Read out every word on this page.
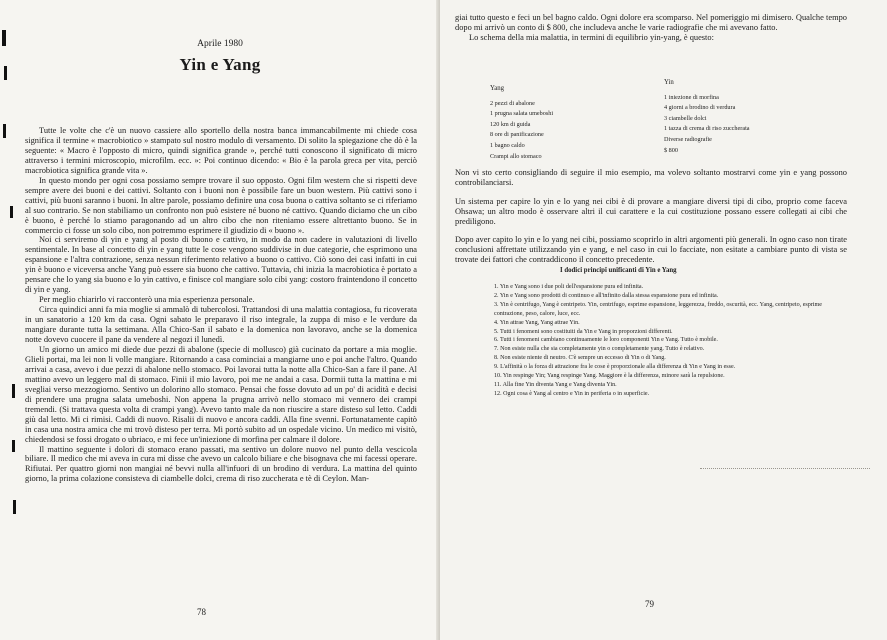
Aprile 1980
Yin e Yang

Tutte le volte che c'è un nuovo cassiere allo sportello della nostra banca immancabilmente mi chiede cosa significa il termine « macrobiotico » stampato sul nostro modulo di versamento. Di solito la spiegazione che dò è la seguente: « Macro è l'opposto di micro, quindi significa grande », perché tutti conoscono il significato di micro attraverso i termini microscopio, microfilm. ecc. »: Poi continuo dicendo: « Bio è la parola greca per vita, perciò macrobiotica significa grande vita ».

In questo mondo per ogni cosa possiamo sempre trovare il suo opposto. Ogni film western che si rispetti deve sempre avere dei buoni e dei cattivi. Soltanto con i buoni non è possibile fare un buon western. Più cattivi sono i cattivi, più buoni saranno i buoni. In altre parole, possiamo definire una cosa buona o cattiva soltanto se ci riferiamo al suo contrario. Se non stabiliamo un confronto non può esistere né buono né cattivo. Quando diciamo che un cibo è buono, è perché lo stiamo paragonando ad un altro cibo che non riteniamo essere altrettanto buono. Se in commercio ci fosse un solo cibo, non potremmo esprimere il giudizio di « buono ».

Noi ci serviremo di yin e yang al posto di buono e cattivo, in modo da non cadere in valutazioni di livello sentimentale. In base al concetto di yin e yang tutte le cose vengono suddivise in due categorie, che esprimono una espansione e l'altra contrazione, senza nessun riferimento relativo a buono o cattivo. Ciò sono dei casi infatti in cui yin è buono e viceversa anche Yang può essere sia buono che cattivo. Tuttavia, chi inizia la macrobiotica è portato a pensare che lo yang sia buono e lo yin cattivo, e finisce col mangiare solo cibi yang: costoro fraintendono il concetto di yin e yang.

Per meglio chiarirlo vi racconterò una mia esperienza personale.

Circa quindici anni fa mia moglie si ammalò di tubercolosi. Trattandosi di una malattia contagiosa, fu ricoverata in un sanatorio a 120 km da casa. Ogni sabato le preparavo il riso integrale, la zuppa di miso e le verdure da mangiare durante tutta la settimana. Alla Chico-San il sabato e la domenica non lavoravo, anche se la domenica notte dovevo cuocere il pane da vendere al negozi il lunedì.

Un giorno un amico mi diede due pezzi di abalone (specie di mollusco) già cucinato da portare a mia moglie. Glieli portai, ma lei non li volle mangiare. Ritornando a casa cominciai a mangiarne uno e poi anche l'altro. Quando arrivai a casa, avevo i due pezzi di abalone nello stomaco. Poi lavorai tutta la notte alla Chico-San a fare il pane. Al mattino avevo un leggero mal di stomaco. Finii il mio lavoro, poi me ne andai a casa. Dormii tutta la mattina e mi svegliai verso mezzogiorno. Sentivo un dolorino allo stomaco. Pensai che fosse dovuto ad un po' di acidità e decisi di prendere una prugna salata umeboshi. Non appena la prugna arrivò nello stomaco mi vennero dei crampi tremendi. (Si trattava questa volta di crampi yang). Avevo tanto male da non riuscire a stare disteso sul letto. Caddi giù dal letto. Mi ci rimisi. Caddi di nuovo. Risalii di nuovo e ancora caddi. Alla fine svenni. Fortunatamente capitò in casa una nostra amica che mi trovò disteso per terra. Mi portò subito ad un ospedale vicino. Un medico mi visitò, chiedendosi se fossi drogato o ubriaco, e mi fece un'iniezione di morfina per calmare il dolore.

Il mattino seguente i dolori di stomaco erano passati, ma sentivo un dolore nuovo nel punto della vescicola biliare. Il medico che mi aveva in cura mi disse che avevo un calcolo biliare e che bisognava che mi facessi operare. Rifiutai. Per quattro giorni non mangiai né bevvi nulla all'infuori di un brodino di verdura. La mattina del quinto giorno, la prima colazione consisteva di ciambelle dolci, crema di riso zuccherata e tè di Ceylon. Man-

78

giai tutto questo e feci un bel bagno caldo. Ogni dolore era scomparso. Nel pomeriggio mi dimisero. Qualche tempo dopo mi arrivò un conto di $ 800, che includeva anche le varie radiografie che mi avevano fatto.

Lo schema della mia malattia, in termini di equilibrio yin-yang, è questo:

Yang
2 pezzi di abalone
1 prugna salata umeboshi
120 km di guida
8 ore di panificazione
1 bagno caldo
Crampi allo stomaco
Yin
1 iniezione di morfina
4 giorni a brodino di verdura
3 ciambelle dolci
1 tazza di crema di riso zuccherata
Diverse radiografie
$ 800

Non vi sto certo consigliando di seguire il mio esempio, ma volevo soltanto mostrarvi come yin e yang possono controbilanciarsi.

Un sistema per capire lo yin e lo yang nei cibi è di provare a mangiare diversi tipi di cibo, proprio come faceva Ohsawa; un altro modo è osservare altri il cui carattere e la cui costituzione possano essere collegati ai cibi che prediligono.

Dopo aver capito lo yin e lo yang nei cibi, possiamo scoprirlo in altri argomenti più generali. In ogno caso non tirate conclusioni affrettate utilizzando yin e yang, e nel caso in cui lo facciate, non esitate a cambiare punto di vista se trovate dei fattori che contraddicono il concetto precedente.

I dodici principî unificanti di Yin e Yang
1. Yin e Yang sono i due poli dell'espansione pura ed infinita.
2. Yin e Yang sono prodotti di continuo e all'infinito dalla stessa espansione pura ed infinita.
3. Yin è centrifugo, Yang è centripeto. Yin, centrifugo, esprime espansione, leggerezza, freddo, oscurità, ecc. Yang, centripeto, esprime contrazione, peso, calore, luce, ecc.
4. Yin attrae Yang, Yang attrae Yin.
5. Tutti i fenomeni sono costituiti da Yin e Yang in proporzioni differenti.
6. Tutti i fenomeni cambiano continuamente le loro componenti Yin e Yang. Tutto è mobile.
7. Non esiste nulla che sia completamente yin o completamente yang. Tutto è relativo.
8. Non esiste niente di neutro. C'è sempre un eccesso di Yin o di Yang.
9. L'affinità o la forza di attrazione fra le cose è proporzionale alla differenza di Yin e Yang in esse.
10. Yin respinge Yin; Yang respinge Yang. Maggiore è la differenza, minore sarà la repulsione.
11. Alla fine Yin diventa Yang e Yang diventa Yin.
12. Ogni cosa è Yang al centro e Yin in periferia o in superficie.
79
